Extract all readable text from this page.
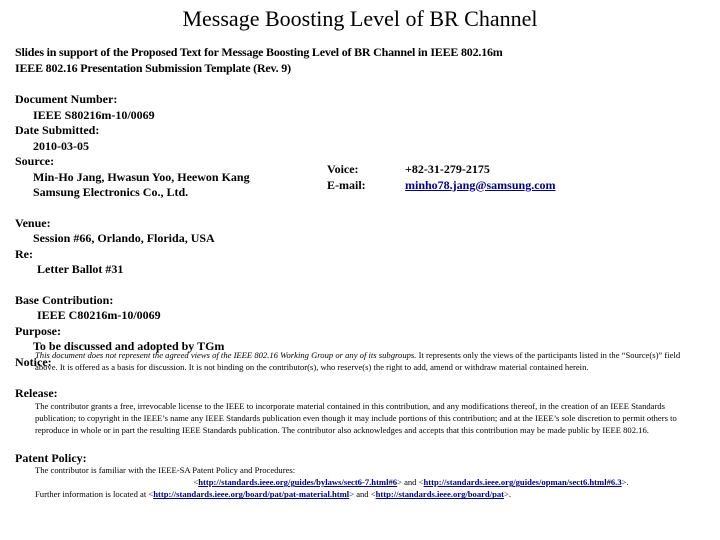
Message Boosting Level of BR Channel
Slides in support of the Proposed Text for Message Boosting Level of BR Channel in IEEE 802.16m
IEEE 802.16 Presentation Submission Template (Rev. 9)
Document Number:
IEEE S80216m-10/0069
Date Submitted:
2010-03-05
Source:
Min-Ho Jang, Hwasun Yoo, Heewon Kang
Samsung Electronics Co., Ltd.
Venue:
Session #66, Orlando, Florida, USA
Re:
Letter Ballot #31
Base Contribution:
IEEE C80216m-10/0069
Purpose:
To be discussed and adopted by TGm
Notice:
Voice:
E-mail:
+82-31-279-2175
minho78.jang@samsung.com
This document does not represent the agreed views of the IEEE 802.16 Working Group or any of its subgroups. It represents only the views of the participants listed in the “Source(s)” field above. It is offered as a basis for discussion. It is not binding on the contributor(s), who reserve(s) the right to add, amend or withdraw material contained herein.
Release:
The contributor grants a free, irrevocable license to the IEEE to incorporate material contained in this contribution, and any modifications thereof, in the creation of an IEEE Standards publication; to copyright in the IEEE’s name any IEEE Standards publication even though it may include portions of this contribution; and at the IEEE’s sole discretion to permit others to reproduce in whole or in part the resulting IEEE Standards publication. The contributor also acknowledges and accepts that this contribution may be made public by IEEE 802.16.
Patent Policy:
The contributor is familiar with the IEEE-SA Patent Policy and Procedures:
<http://standards.ieee.org/guides/bylaws/sect6-7.html#6> and <http://standards.ieee.org/guides/opman/sect6.html#6.3>.
Further information is located at <http://standards.ieee.org/board/pat/pat-material.html> and <http://standards.ieee.org/board/pat>.
